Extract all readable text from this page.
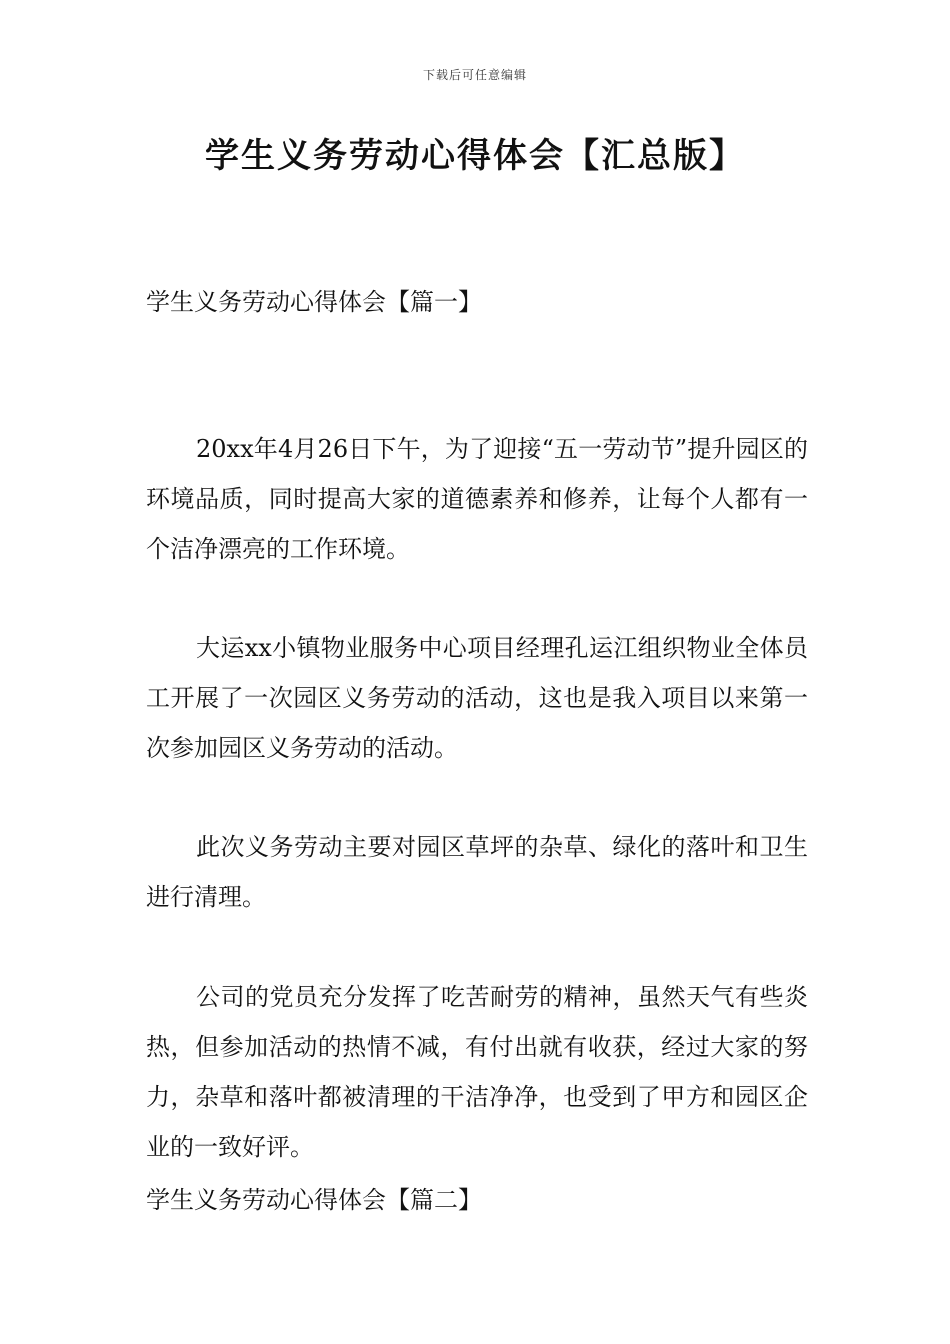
下载后可任意编辑
学生义务劳动心得体会【汇总版】
学生义务劳动心得体会【篇一】

20xx年4月26日下午，为了迎接“五一劳动节”提升园区的环境品质，同时提高大家的道德素养和修养，让每个人都有一个洁净漂亮的工作环境。

大运xx小镇物业服务中心项目经理孔运江组织物业全体员工开展了一次园区义务劳动的活动，这也是我入项目以来第一次参加园区义务劳动的活动。

此次义务劳动主要对园区草坪的杂草、绿化的落叶和卫生进行清理。

公司的党员充分发挥了吃苦耐劳的精神，虽然天气有些炎热，但参加活动的热情不减，有付出就有收获，经过大家的努力，杂草和落叶都被清理的干洁净净，也受到了甲方和园区企业的一致好评。

学生义务劳动心得体会【篇二】
